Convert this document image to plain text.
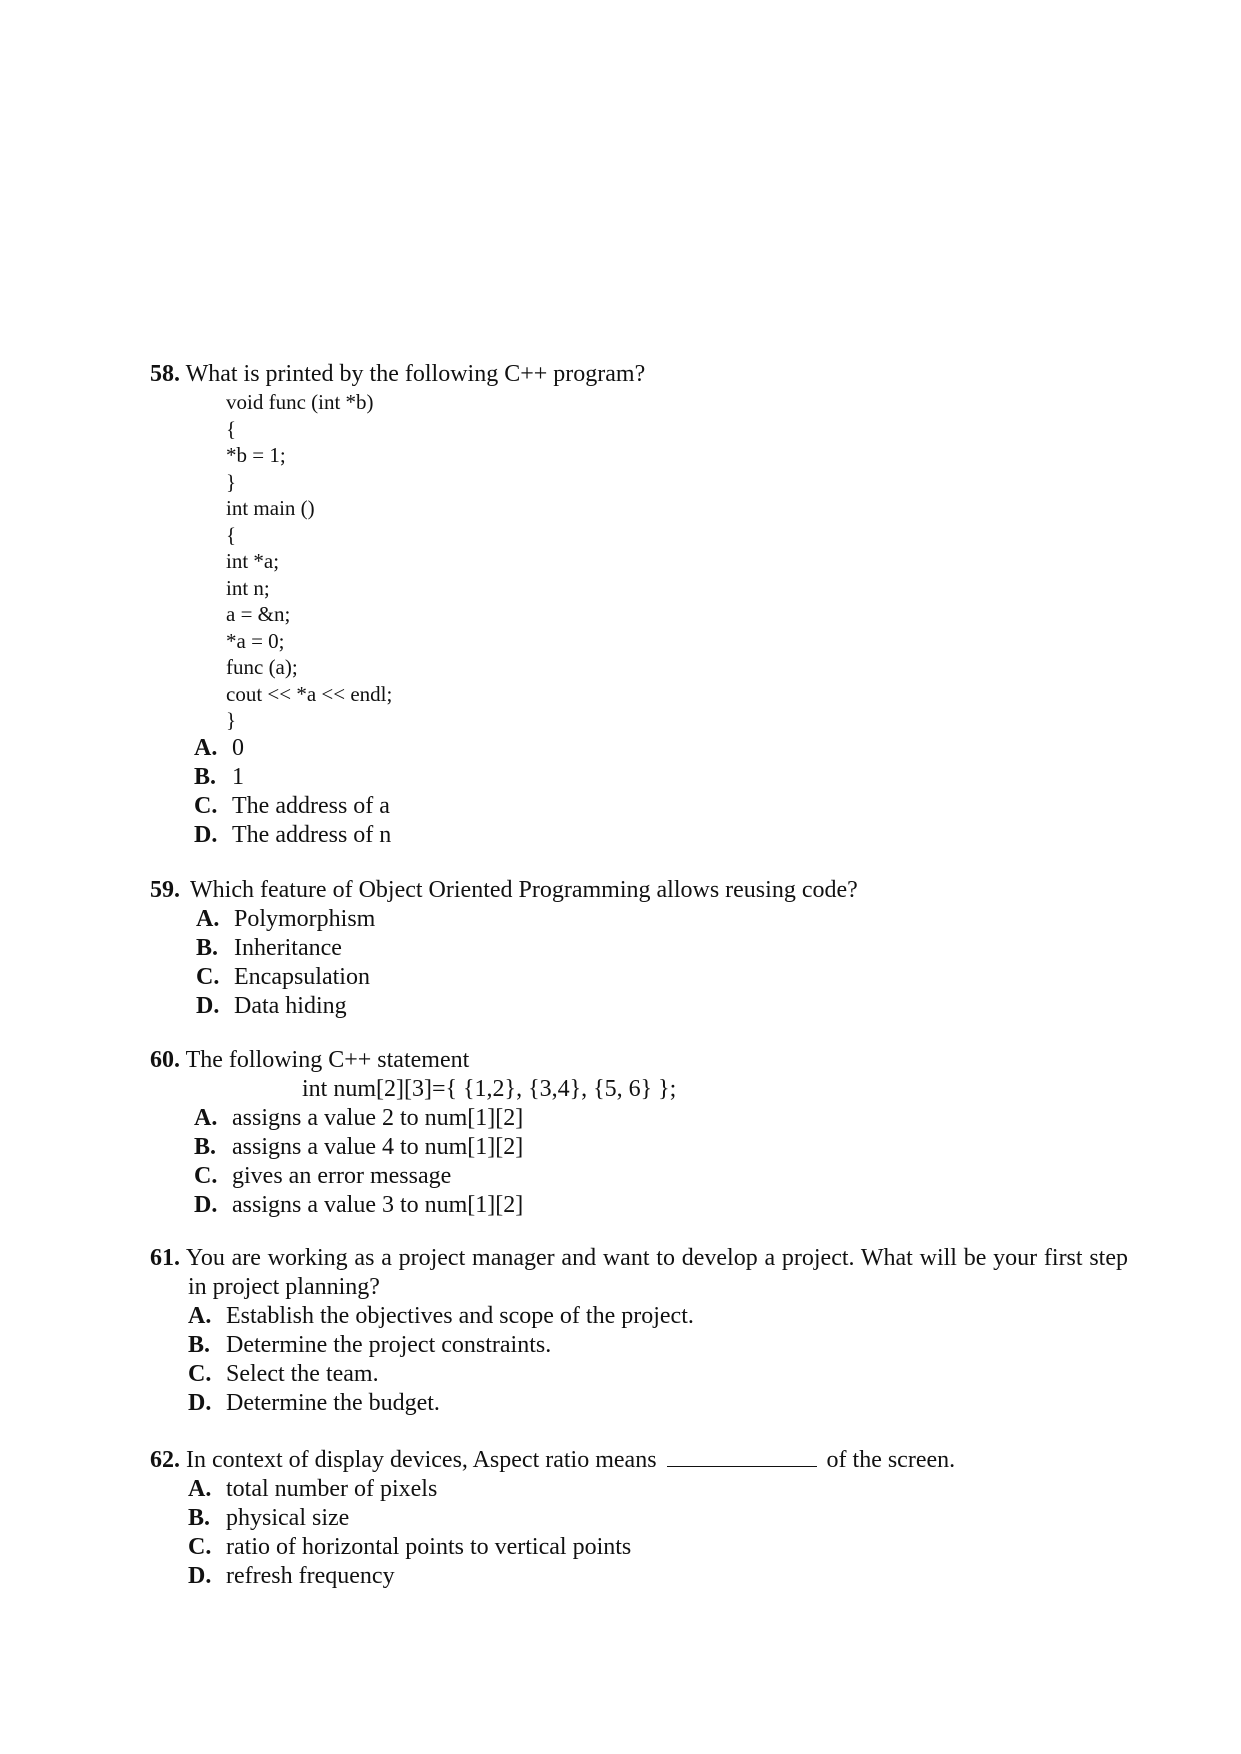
58. What is printed by the following C++ program?
void func (int *b)
{
*b = 1;
}
int main ()
{
int *a;
int n;
a = &n;
*a = 0;
func (a);
cout << *a << endl;
}
A. 0
B. 1
C. The address of a
D. The address of n
59. Which feature of Object Oriented Programming allows reusing code?
A. Polymorphism
B. Inheritance
C. Encapsulation
D. Data hiding
60. The following C++ statement
int num[2][3]={ {1,2}, {3,4}, {5, 6} };
A. assigns a value 2 to num[1][2]
B. assigns a value 4 to num[1][2]
C. gives an error message
D. assigns a value 3 to num[1][2]
61. You are working as a project manager and want to develop a project. What will be your first step in project planning?
A. Establish the objectives and scope of the project.
B. Determine the project constraints.
C. Select the team.
D. Determine the budget.
62. In context of display devices, Aspect ratio means	of the screen.
A. total number of pixels
B. physical size
C. ratio of horizontal points to vertical points
D. refresh frequency
